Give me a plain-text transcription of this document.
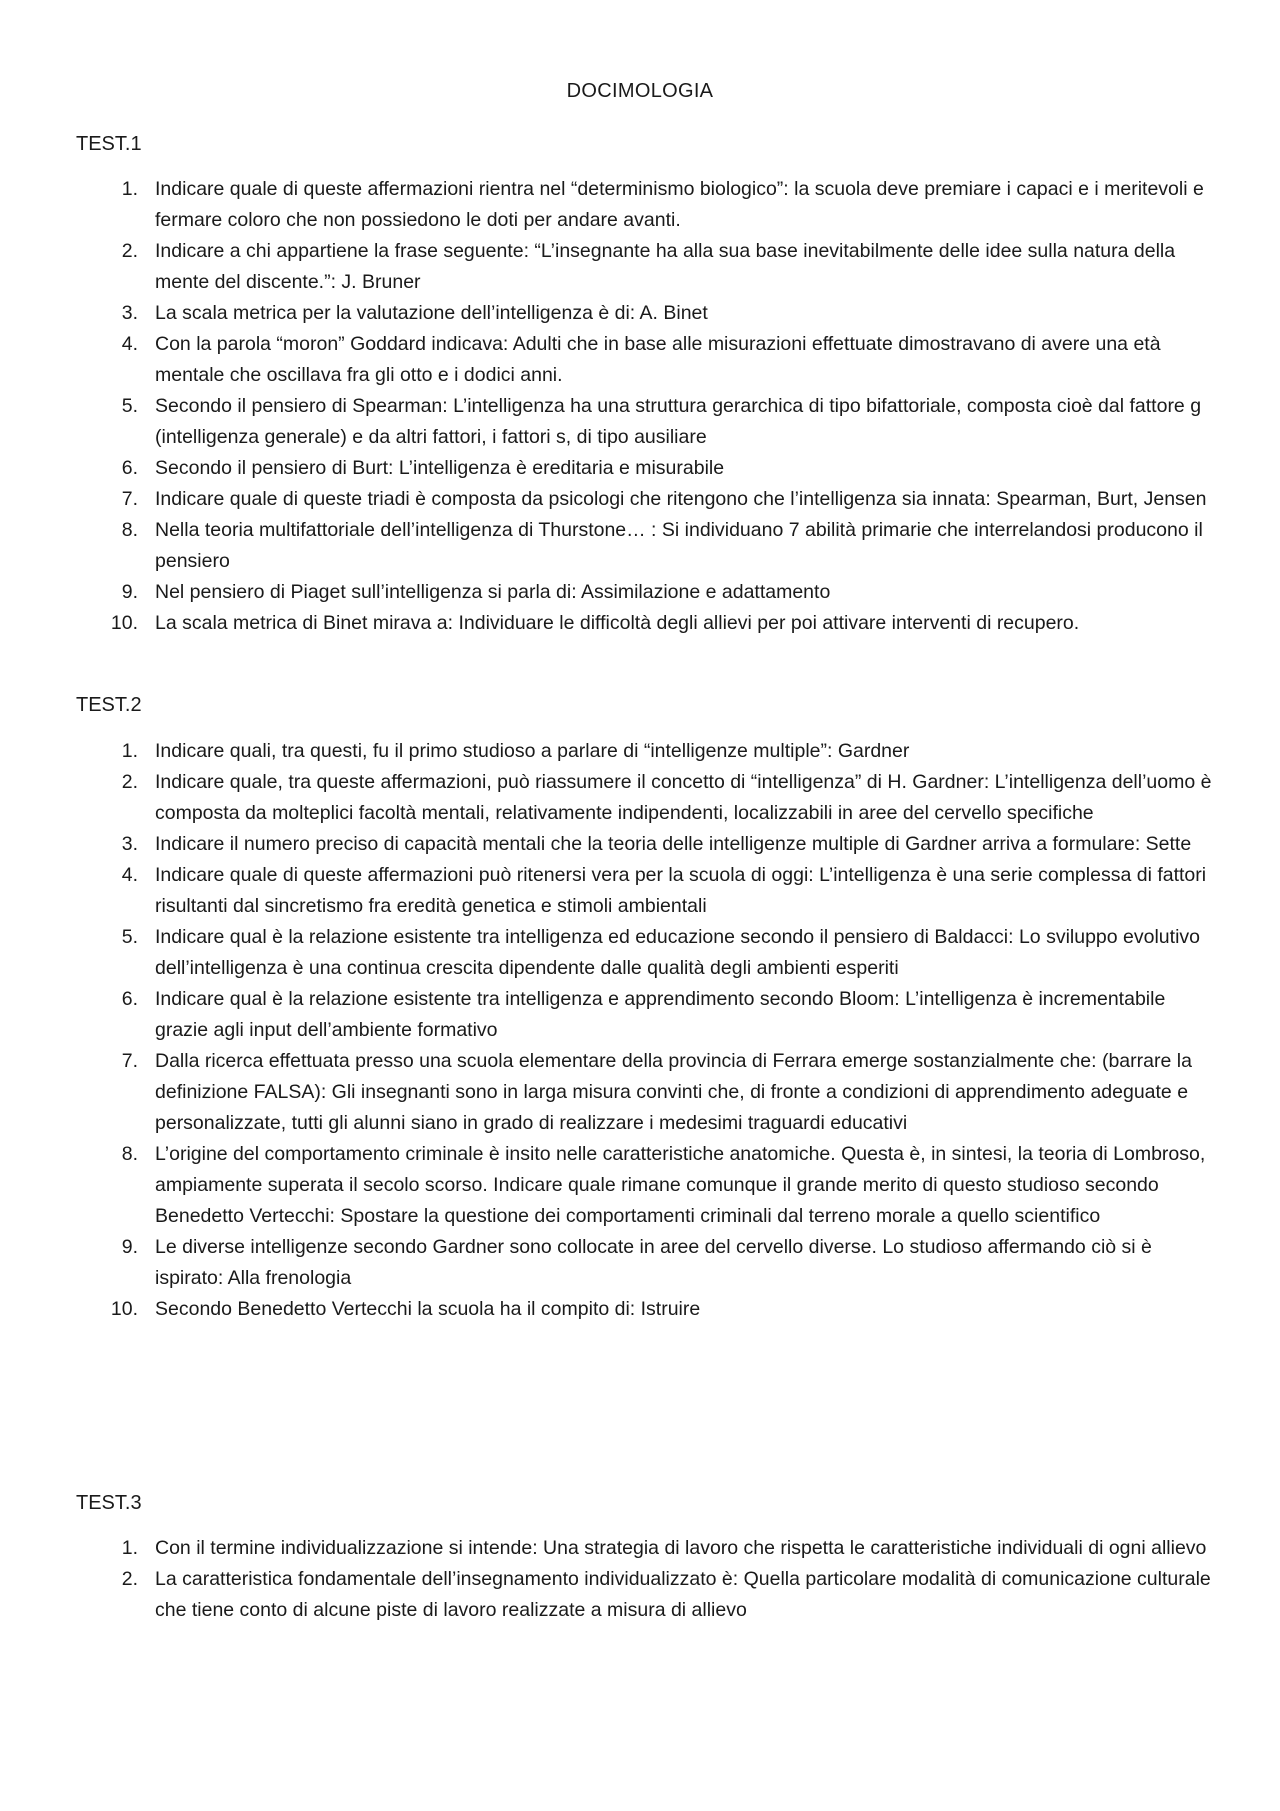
DOCIMOLOGIA
TEST.1
1. Indicare quale di queste affermazioni rientra nel “determinismo biologico”: la scuola deve premiare i capaci e i meritevoli e fermare coloro che non possiedono le doti per andare avanti.
2. Indicare a chi appartiene la frase seguente: “L’insegnante ha alla sua base inevitabilmente delle idee sulla natura della mente del discente.”: J. Bruner
3. La scala metrica per la valutazione dell’intelligenza è di: A. Binet
4. Con la parola “moron” Goddard indicava: Adulti che in base alle misurazioni effettuate dimostravano di avere una età mentale che oscillava fra gli otto e i dodici anni.
5. Secondo il pensiero di Spearman: L’intelligenza ha una struttura gerarchica di tipo bifattoriale, composta cioè dal fattore g (intelligenza generale) e da altri fattori, i fattori s, di tipo ausiliare
6. Secondo il pensiero di Burt: L’intelligenza è ereditaria e misurabile
7. Indicare quale di queste triadi è composta da psicologi che ritengono che l’intelligenza sia innata: Spearman, Burt, Jensen
8. Nella teoria multifattoriale dell’intelligenza di Thurstone… : Si individuano 7 abilità primarie che interrelandosi producono il pensiero
9. Nel pensiero di Piaget sull’intelligenza si parla di: Assimilazione e adattamento
10. La scala metrica di Binet mirava a: Individuare le difficoltà degli allievi per poi attivare interventi di recupero.
TEST.2
1. Indicare quali, tra questi, fu il primo studioso a parlare di “intelligenze multiple”: Gardner
2. Indicare quale, tra queste affermazioni, può riassumere il concetto di “intelligenza” di H. Gardner: L’intelligenza dell’uomo è composta da molteplici facoltà mentali, relativamente indipendenti, localizzabili in aree del cervello specifiche
3. Indicare il numero preciso di capacità mentali che la teoria delle intelligenze multiple di Gardner arriva a formulare: Sette
4. Indicare quale di queste affermazioni può ritenersi vera per la scuola di oggi: L’intelligenza è una serie complessa di fattori risultanti dal sincretismo fra eredità genetica e stimoli ambientali
5. Indicare qual è la relazione esistente tra intelligenza ed educazione secondo il pensiero di Baldacci: Lo sviluppo evolutivo dell’intelligenza è una continua crescita dipendente dalle qualità degli ambienti esperiti
6. Indicare qual è la relazione esistente tra intelligenza e apprendimento secondo Bloom: L’intelligenza è incrementabile grazie agli input dell’ambiente formativo
7. Dalla ricerca effettuata presso una scuola elementare della provincia di Ferrara emerge sostanzialmente che: (barrare la definizione FALSA): Gli insegnanti sono in larga misura convinti che, di fronte a condizioni di apprendimento adeguate e personalizzate, tutti gli alunni siano in grado di realizzare i medesimi traguardi educativi
8. L’origine del comportamento criminale è insito nelle caratteristiche anatomiche. Questa è, in sintesi, la teoria di Lombroso, ampiamente superata il secolo scorso. Indicare quale rimane comunque il grande merito di questo studioso secondo Benedetto Vertecchi: Spostare la questione dei comportamenti criminali dal terreno morale a quello scientifico
9. Le diverse intelligenze secondo Gardner sono collocate in aree del cervello diverse. Lo studioso affermando ciò si è ispirato: Alla frenologia
10. Secondo Benedetto Vertecchi la scuola ha il compito di: Istruire
TEST.3
1. Con il termine individualizzazione si intende: Una strategia di lavoro che rispetta le caratteristiche individuali di ogni allievo
2. La caratteristica fondamentale dell’insegnamento individualizzato è: Quella particolare modalità di comunicazione culturale che tiene conto di alcune piste di lavoro realizzate a misura di allievo
